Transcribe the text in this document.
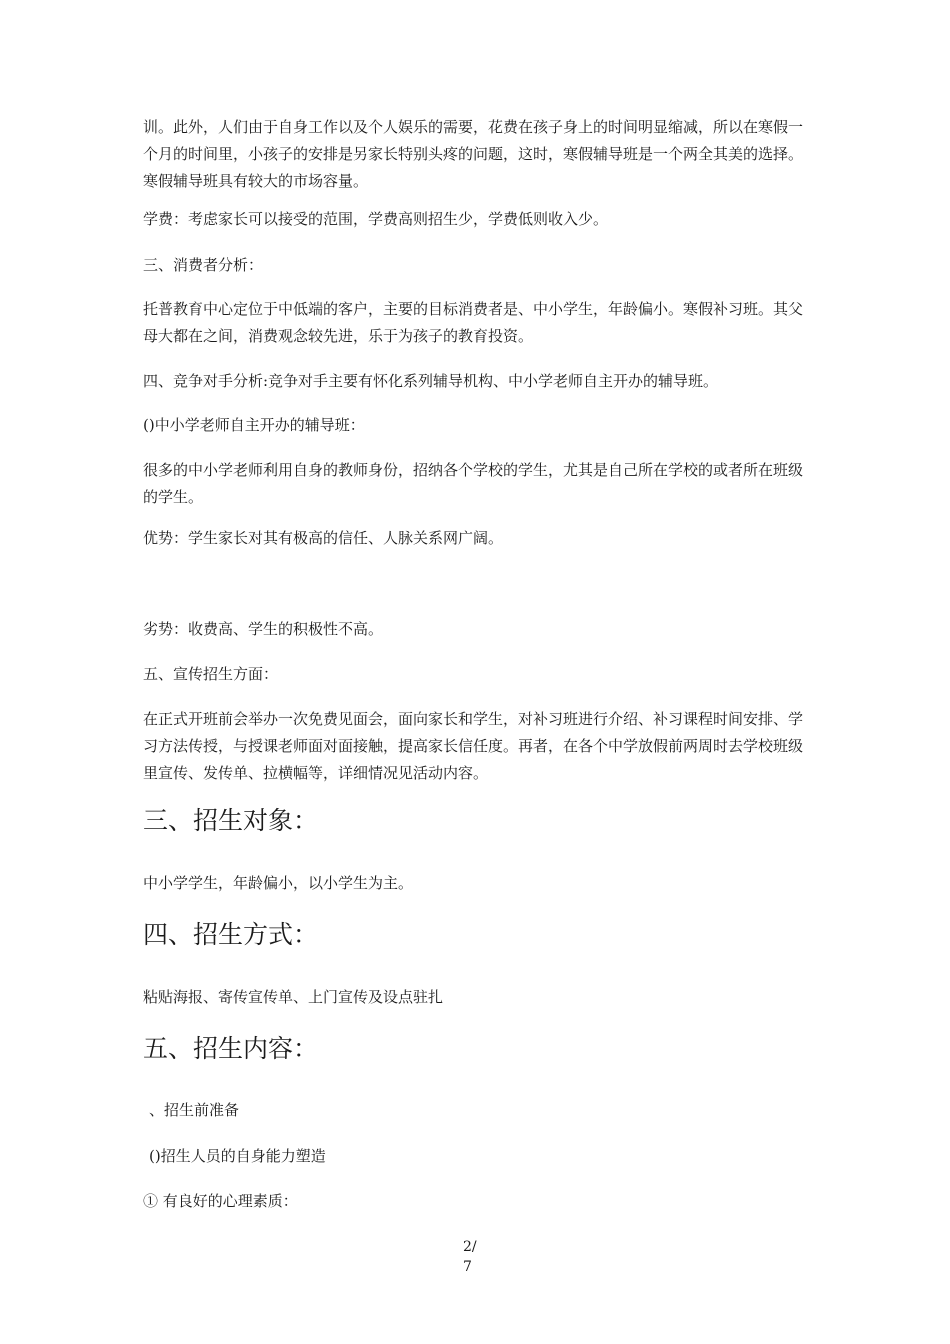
训。此外，人们由于自身工作以及个人娱乐的需要，花费在孩子身上的时间明显缩减，所以在寒假一个月的时间里，小孩子的安排是另家长特别头疼的问题，这时，寒假辅导班是一个两全其美的选择。寒假辅导班具有较大的市场容量。

学费：考虑家长可以接受的范围，学费高则招生少，学费低则收入少。

三、消费者分析：

托普教育中心定位于中低端的客户，主要的目标消费者是、中小学生，年龄偏小。寒假补习班。其父母大都在之间，消费观念较先进，乐于为孩子的教育投资。

四、竞争对手分析:竞争对手主要有怀化系列辅导机构、中小学老师自主开办的辅导班。

()中小学老师自主开办的辅导班：

很多的中小学老师利用自身的教师身份，招纳各个学校的学生，尤其是自己所在学校的或者所在班级的学生。

优势：学生家长对其有极高的信任、人脉关系网广阔。

劣势：收费高、学生的积极性不高。

五、宣传招生方面：

在正式开班前会举办一次免费见面会，面向家长和学生，对补习班进行介绍、补习课程时间安排、学习方法传授，与授课老师面对面接触，提高家长信任度。再者，在各个中学放假前两周时去学校班级里宣传、发传单、拉横幅等，详细情况见活动内容。

三、招生对象：

中小学学生，年龄偏小，以小学生为主。

四、招生方式：

粘贴海报、寄传宣传单、上门宣传及设点驻扎

五、招生内容：

、招生前准备

()招生人员的自身能力塑造

① 有良好的心理素质：

2/
7
